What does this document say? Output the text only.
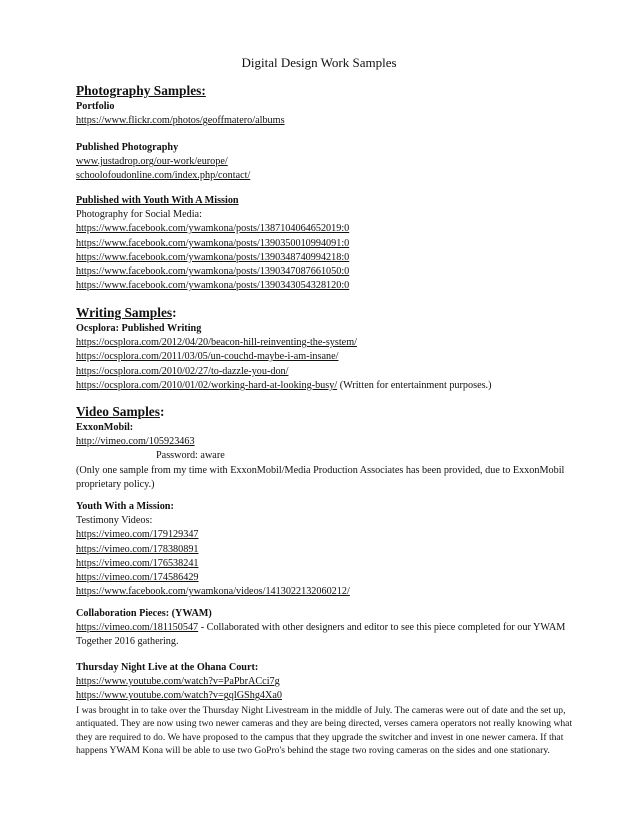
Digital Design Work Samples
Photography Samples:
Portfolio
https://www.flickr.com/photos/geoffmatero/albums
Published Photography
www.justadrop.org/our-work/europe/
schoolofoudonline.com/index.php/contact/
Published with Youth With A Mission
Photography for Social Media:
https://www.facebook.com/ywamkona/posts/1387104064652019:0
https://www.facebook.com/ywamkona/posts/1390350010994091:0
https://www.facebook.com/ywamkona/posts/1390348740994218:0
https://www.facebook.com/ywamkona/posts/1390347087661050:0
https://www.facebook.com/ywamkona/posts/1390343054328120:0
Writing Samples:
Ocsplora: Published Writing
https://ocsplora.com/2012/04/20/beacon-hill-reinventing-the-system/
https://ocsplora.com/2011/03/05/un-couchd-maybe-i-am-insane/
https://ocsplora.com/2010/02/27/to-dazzle-you-don/
https://ocsplora.com/2010/01/02/working-hard-at-looking-busy/ (Written for entertainment purposes.)
Video Samples:
ExxonMobil:
http://vimeo.com/105923463
Password: aware
(Only one sample from my time with ExxonMobil/Media Production Associates has been provided, due to ExxonMobil proprietary policy.)
Youth With a Mission:
Testimony Videos:
https://vimeo.com/179129347
https://vimeo.com/178380891
https://vimeo.com/176538241
https://vimeo.com/174586429
https://www.facebook.com/ywamkona/videos/1413022132060212/
Collaboration Pieces: (YWAM)
https://vimeo.com/181150547 - Collaborated with other designers and editor to see this piece completed for our YWAM Together 2016 gathering.
Thursday Night Live at the Ohana Court:
https://www.youtube.com/watch?v=PaPbrACci7g
https://www.youtube.com/watch?v=gqlGShg4Xa0
I was brought in to take over the Thursday Night Livestream in the middle of July. The cameras were out of date and the set up, antiquated. They are now using two newer cameras and they are being directed, verses camera operators not really knowing what they are required to do. We have proposed to the campus that they upgrade the switcher and invest in one newer camera. If that happens YWAM Kona will be able to use two GoPro's behind the stage two roving cameras on the sides and one stationary.
